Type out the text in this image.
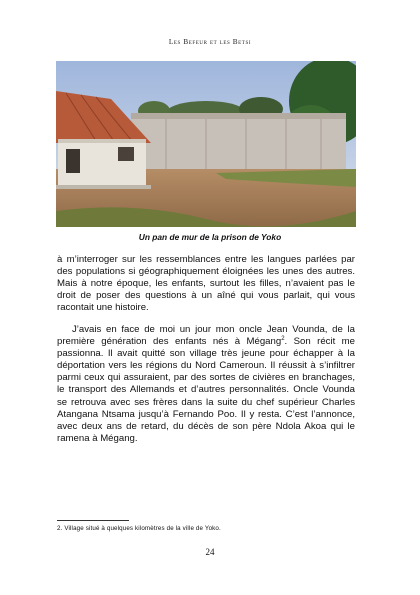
Les Befeur et les Betsi
Un pan de mur de la prison de Yoko

à m’interroger sur les ressemblances entre les langues parlées par des populations si géographiquement éloignées les unes des autres. Mais à notre époque, les enfants, surtout les filles, n’avaient pas le droit de poser des questions à un aîné qui vous parlait, qui vous racontait une histoire.

J’avais en face de moi un jour mon oncle Jean Vounda, de la première génération des enfants nés à Mégang$^2$. Son récit me passionna. Il avait quitté son village très jeune pour échapper à la déportation vers les régions du Nord Cameroun. Il réussit à s’infiltrer parmi ceux qui assuraient, par des sortes de civières en branchages, le transport des Allemands et d’autres personnalités. Oncle Vounda se retrouva avec ses frères dans la suite du chef supérieur Charles Atangana Ntsama jusqu’à Fernando Poo. Il y resta. C’est l’annonce, avec deux ans de retard, du décès de son père Ndola Akoa qui le ramena à Mégang.

2. Village situé à quelques kilomètres de la ville de Yoko.
24
